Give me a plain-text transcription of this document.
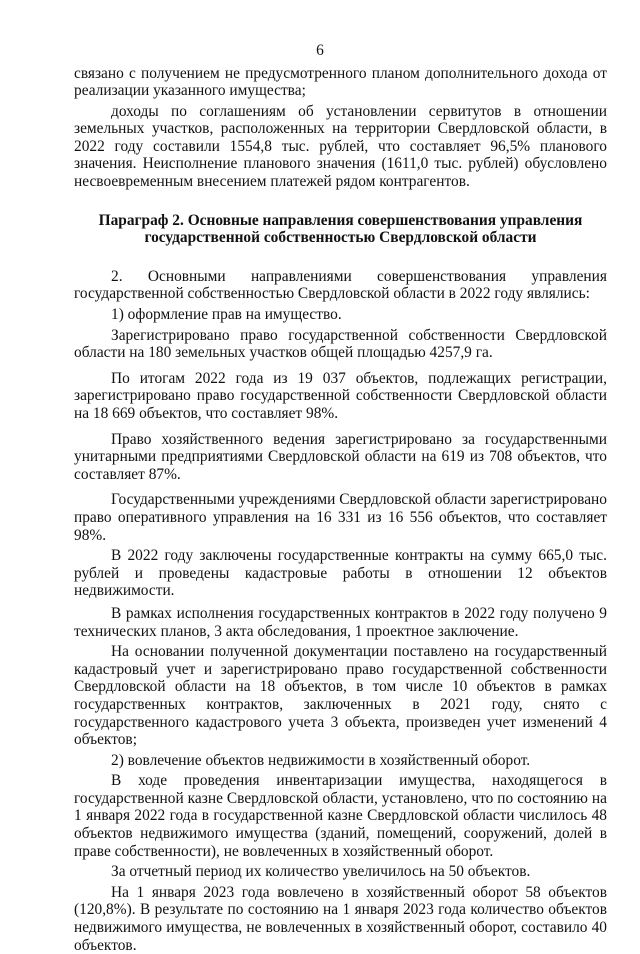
6

связано с получением не предусмотренного планом дополнительного дохода от реализации указанного имущества;

доходы по соглашениям об установлении сервитутов в отношении земельных участков, расположенных на территории Свердловской области, в 2022 году составили 1554,8 тыс. рублей, что составляет 96,5% планового значения. Неисполнение планового значения (1611,0 тыс. рублей) обусловлено несвоевременным внесением платежей рядом контрагентов.

Параграф 2. Основные направления совершенствования управления
государственной собственностью Свердловской области

2. Основными направлениями совершенствования управления государственной собственностью Свердловской области в 2022 году являлись:

1) оформление прав на имущество.

Зарегистрировано право государственной собственности Свердловской области на 180 земельных участков общей площадью 4257,9 га.

По итогам 2022 года из 19 037 объектов, подлежащих регистрации, зарегистрировано право государственной собственности Свердловской области на 18 669 объектов, что составляет 98%.

Право хозяйственного ведения зарегистрировано за государственными унитарными предприятиями Свердловской области на 619 из 708 объектов, что составляет 87%.

Государственными учреждениями Свердловской области зарегистрировано право оперативного управления на 16 331 из 16 556 объектов, что составляет 98%.

В 2022 году заключены государственные контракты на сумму 665,0 тыс. рублей и проведены кадастровые работы в отношении 12 объектов недвижимости.

В рамках исполнения государственных контрактов в 2022 году получено 9 технических планов, 3 акта обследования, 1 проектное заключение.

На основании полученной документации поставлено на государственный кадастровый учет и зарегистрировано право государственной собственности Свердловской области на 18 объектов, в том числе 10 объектов в рамках государственных контрактов, заключенных в 2021 году, снято с государственного кадастрового учета 3 объекта, произведен учет изменений 4 объектов;

2) вовлечение объектов недвижимости в хозяйственный оборот.

В ходе проведения инвентаризации имущества, находящегося в государственной казне Свердловской области, установлено, что по состоянию на 1 января 2022 года в государственной казне Свердловской области числилось 48 объектов недвижимого имущества (зданий, помещений, сооружений, долей в праве собственности), не вовлеченных в хозяйственный оборот.

За отчетный период их количество увеличилось на 50 объектов.

На 1 января 2023 года вовлечено в хозяйственный оборот 58 объектов (120,8%). В результате по состоянию на 1 января 2023 года количество объектов недвижимого имущества, не вовлеченных в хозяйственный оборот, составило 40 объектов.
